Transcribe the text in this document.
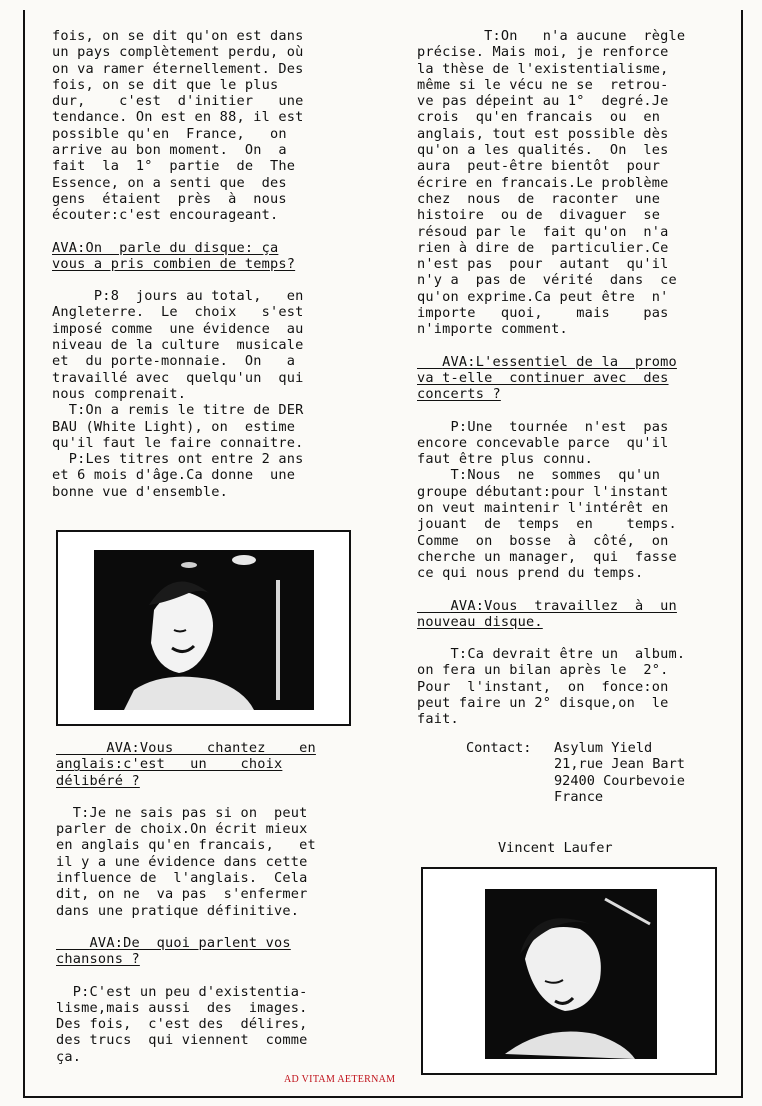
fois, on se dit qu'on est dans

un pays complètement perdu, où

on va ramer éternellement. Des

fois, on se dit que le plus

dur,    c'est  d'initier   une

tendance. On est en 88, il est

possible qu'en  France,   on

arrive au bon moment.  On  a

fait  la  1°  partie  de  The

Essence, on a senti que  des

gens  étaient  près  à  nous

écouter:c'est encourageant.

AVA:On  parle du disque: ça

vous a pris combien de temps?

P:8  jours au total,   en

Angleterre.  Le  choix   s'est

imposé comme  une évidence  au

niveau de la culture  musicale

et  du porte-monnaie.  On   a

travaillé avec  quelqu'un  qui

nous comprenait.

T:On a remis le titre de DER

BAU (White Light), on  estime

qu'il faut le faire connaitre.

P:Les titres ont entre 2 ans

et 6 mois d'âge.Ca donne  une

bonne vue d'ensemble.

AVA:Vous    chantez    en

anglais:c'est   un    choix

délibéré ?

T:Je ne sais pas si on  peut

parler de choix.On écrit mieux

en anglais qu'en francais,   et

il y a une évidence dans cette

influence de  l'anglais.  Cela

dit, on ne  va pas  s'enfermer

dans une pratique définitive.

AVA:De  quoi parlent vos

chansons ?

P:C'est un peu d'existentia-

lisme,mais aussi  des  images.

Des fois,  c'est des  délires,

des trucs  qui viennent  comme

ça.

T:On   n'a aucune  règle

précise. Mais moi, je renforce

la thèse de l'existentialisme,

même si le vécu ne se  retrou-

ve pas dépeint au 1°  degré.Je

crois  qu'en francais  ou  en

anglais, tout est possible dès

qu'on a les qualités.  On  les

aura  peut-être bientôt  pour

écrire en francais.Le problème

chez  nous  de  raconter  une

histoire  ou de  divaguer  se

résoud par le  fait qu'on  n'a

rien à dire de  particulier.Ce

n'est pas  pour  autant  qu'il

n'y a  pas de  vérité  dans  ce

qu'on exprime.Ca peut être  n'

importe   quoi,    mais    pas

n'importe comment.

AVA:L'essentiel de la  promo

va t-elle  continuer avec  des

concerts ?

P:Une  tournée  n'est  pas

encore concevable parce  qu'il

faut être plus connu.

T:Nous  ne  sommes  qu'un

groupe débutant:pour l'instant

on veut maintenir l'intérêt en

jouant  de  temps  en    temps.

Comme  on  bosse  à  côté,  on

cherche un manager,  qui  fasse

ce qui nous prend du temps.

AVA:Vous  travaillez  à  un

nouveau disque.

T:Ca devrait être un  album.

on fera un bilan après le  2°.

Pour  l'instant,  on  fonce:on

peut faire un 2° disque,on  le

fait.

Contact:	Asylum Yield
21,rue Jean Bart
92400 Courbevoie
France
Vincent Laufer
AD VITAM AETERNAM
